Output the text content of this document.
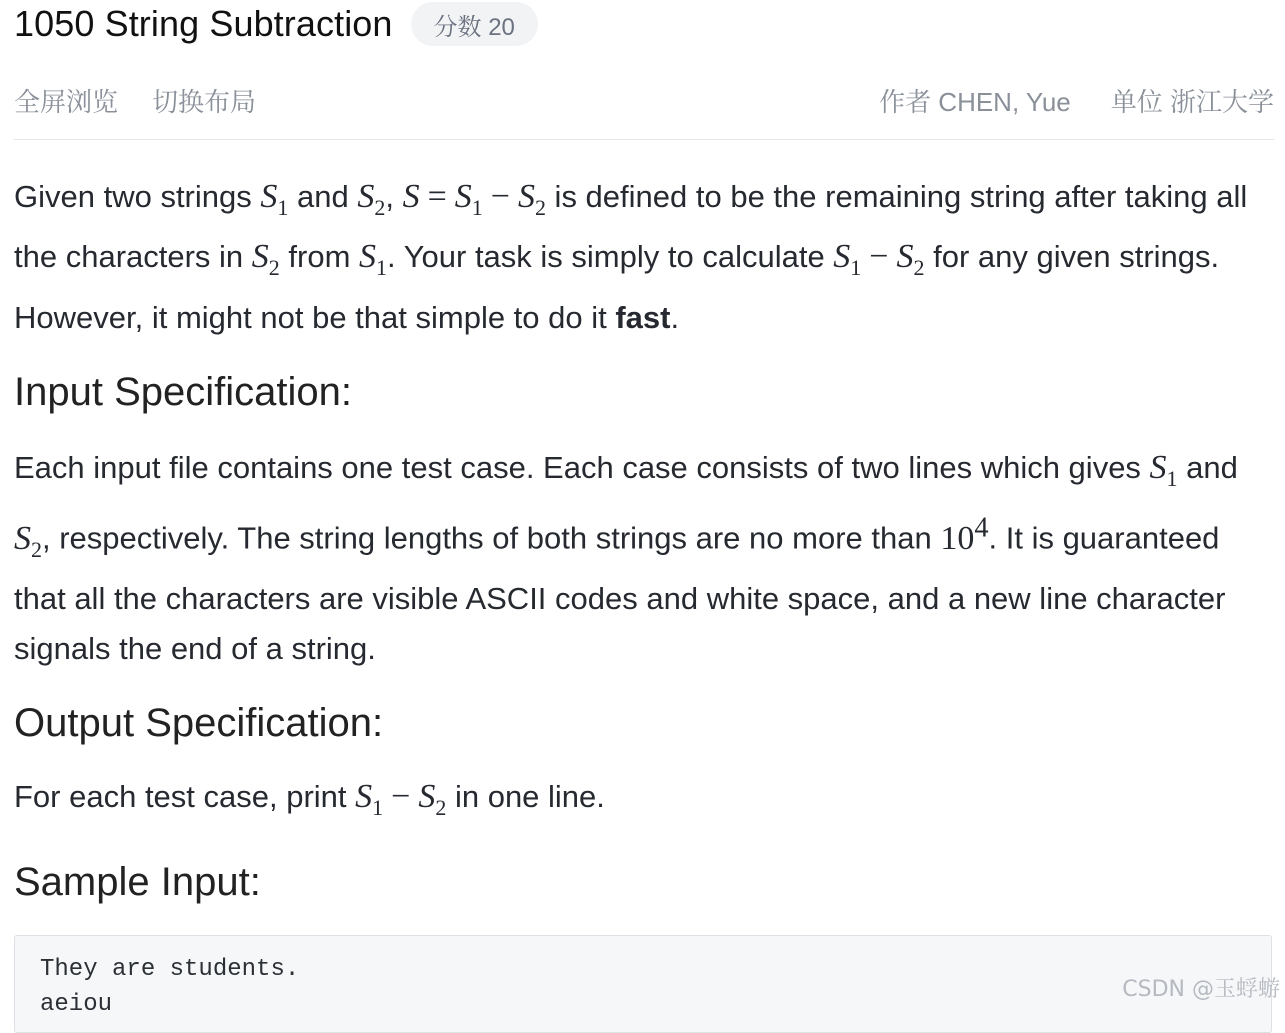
1050 String Subtraction	分数 20
全屏浏览 切换布局	作者 CHEN, Yue 单位 浙江大学

Given two strings $S_1$ and $S_2$, $S = S_1 - S_2$ is defined to be the remaining string after taking all the characters in $S_2$ from $S_1$. Your task is simply to calculate $S_1 - S_2$ for any given strings. However, it might not be that simple to do it fast.

Input Specification:

Each input file contains one test case. Each case consists of two lines which gives $S_1$ and $S_2$, respectively. The string lengths of both strings are no more than $10^4$. It is guaranteed that all the characters are visible ASCII codes and white space, and a new line character signals the end of a string.

Output Specification:

For each test case, print $S_1 - S_2$ in one line.

Sample Input:
They are students.
aeiou
CSDN @玉蜉蝣
